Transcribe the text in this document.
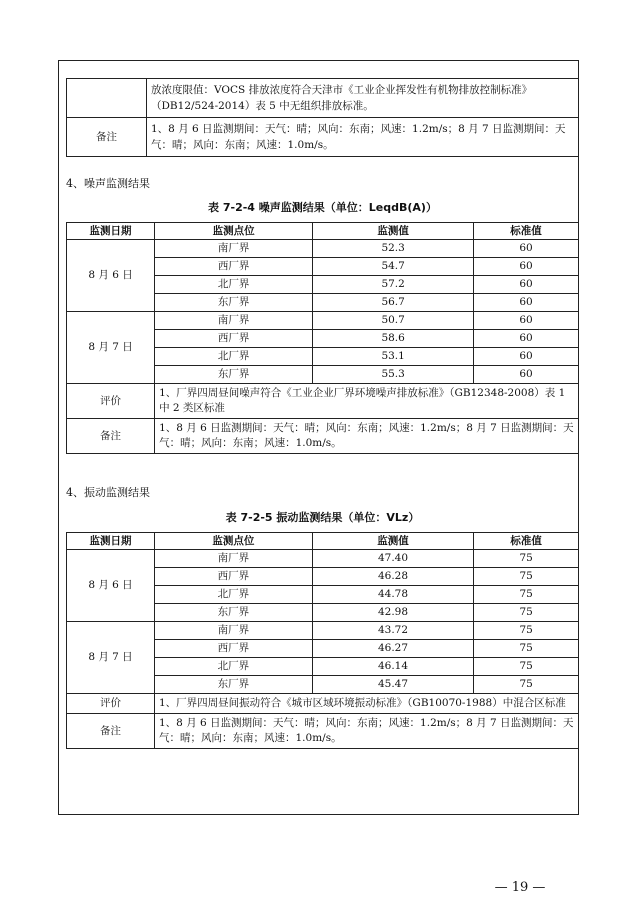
	放浓度限值：VOCS 排放浓度符合天津市《工业企业挥发性有机物排放控制标准》（DB12/524-2014）表 5 中无组织排放标准。
备注	1、8 月 6 日监测期间：天气：晴；风向：东南；风速：1.2m/s；8 月 7 日监测期间：天气：晴；风向：东南；风速：1.0m/s。
4、噪声监测结果
表 7-2-4 噪声监测结果（单位：LeqdB(A)）
监测日期	监测点位	监测值	标准值
8 月 6 日	南厂界	52.3	60
	西厂界	54.7	60
	北厂界	57.2	60
	东厂界	56.7	60
8 月 7 日	南厂界	50.7	60
	西厂界	58.6	60
	北厂界	53.1	60
	东厂界	55.3	60
评价	1、厂界四周昼间噪声符合《工业企业厂界环境噪声排放标准》（GB12348-2008）表 1 中 2 类区标准		
备注	1、8 月 6 日监测期间：天气：晴；风向：东南；风速：1.2m/s；8 月 7 日监测期间：天气：晴；风向：东南；风速：1.0m/s。		
4、振动监测结果
表 7-2-5 振动监测结果（单位：VLz）
监测日期	监测点位	监测值	标准值
8 月 6 日	南厂界	47.40	75
	西厂界	46.28	75
	北厂界	44.78	75
	东厂界	42.98	75
8 月 7 日	南厂界	43.72	75
	西厂界	46.27	75
	北厂界	46.14	75
	东厂界	45.47	75
评价	1、厂界四周昼间振动符合《城市区域环境振动标准》（GB10070-1988）中混合区标准		
备注	1、8 月 6 日监测期间：天气：晴；风向：东南；风速：1.2m/s；8 月 7 日监测期间：天气：晴；风向：东南；风速：1.0m/s。		
— 19 —
